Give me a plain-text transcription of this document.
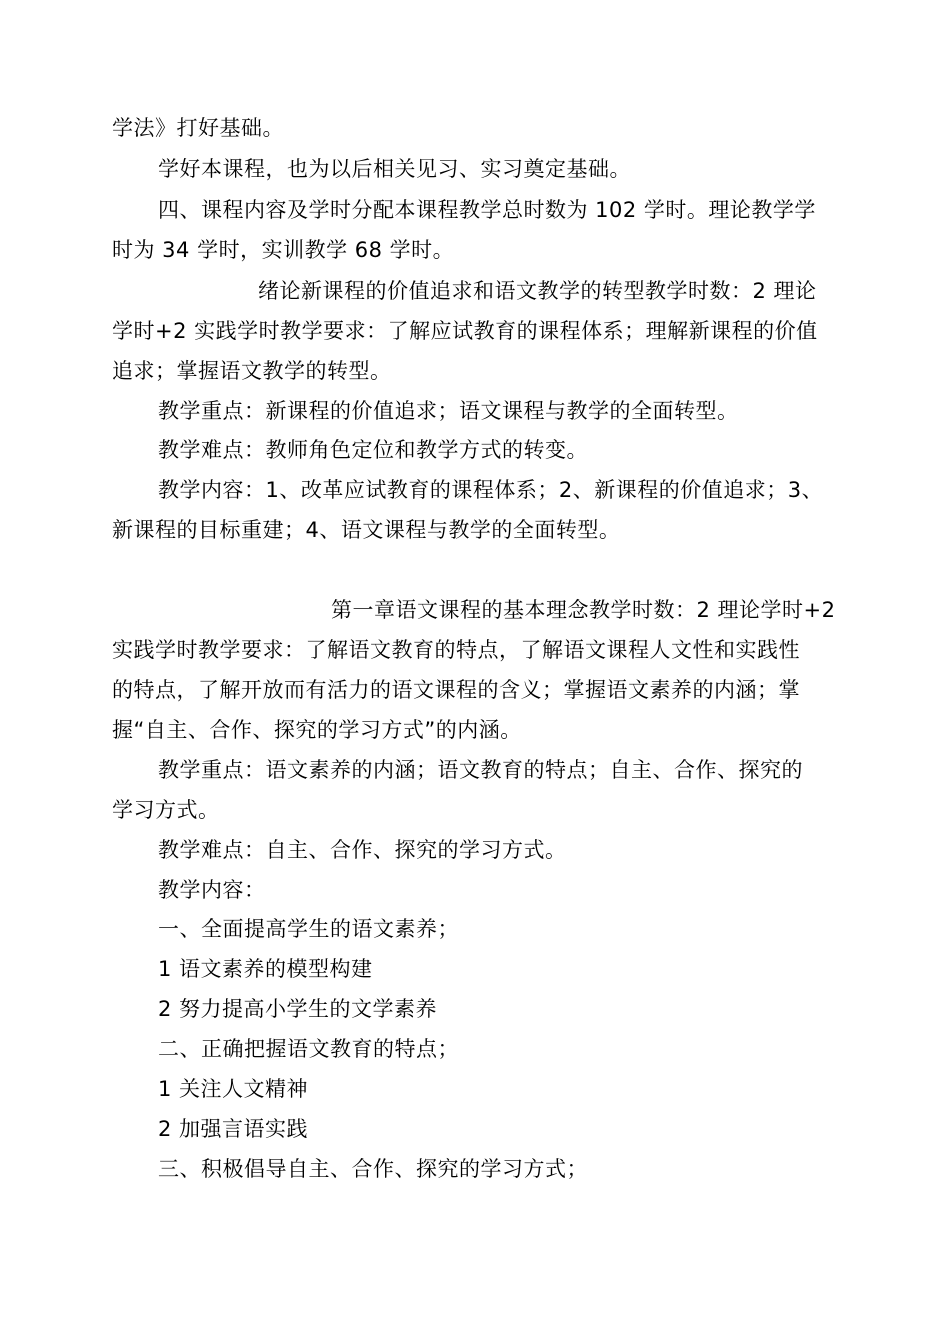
学法》打好基础。
学好本课程，也为以后相关见习、实习奠定基础。
四、课程内容及学时分配本课程教学总时数为 102 学时。理论教学学
时为 34 学时，实训教学 68 学时。
绪论新课程的价值追求和语文教学的转型教学时数：2 理论
学时+2 实践学时教学要求：了解应试教育的课程体系；理解新课程的价值
追求；掌握语文教学的转型。
教学重点：新课程的价值追求；语文课程与教学的全面转型。
教学难点：教师角色定位和教学方式的转变。
教学内容：1、改革应试教育的课程体系；2、新课程的价值追求；3、
新课程的目标重建；4、语文课程与教学的全面转型。
第一章语文课程的基本理念教学时数：2 理论学时+2
实践学时教学要求：了解语文教育的特点，了解语文课程人文性和实践性
的特点，了解开放而有活力的语文课程的含义；掌握语文素养的内涵；掌
握“自主、合作、探究的学习方式”的内涵。
教学重点：语文素养的内涵；语文教育的特点；自主、合作、探究的
学习方式。
教学难点：自主、合作、探究的学习方式。
教学内容：
一、全面提高学生的语文素养；
1 语文素养的模型构建
2 努力提高小学生的文学素养
二、正确把握语文教育的特点；
1 关注人文精神
2 加强言语实践
三、积极倡导自主、合作、探究的学习方式；
